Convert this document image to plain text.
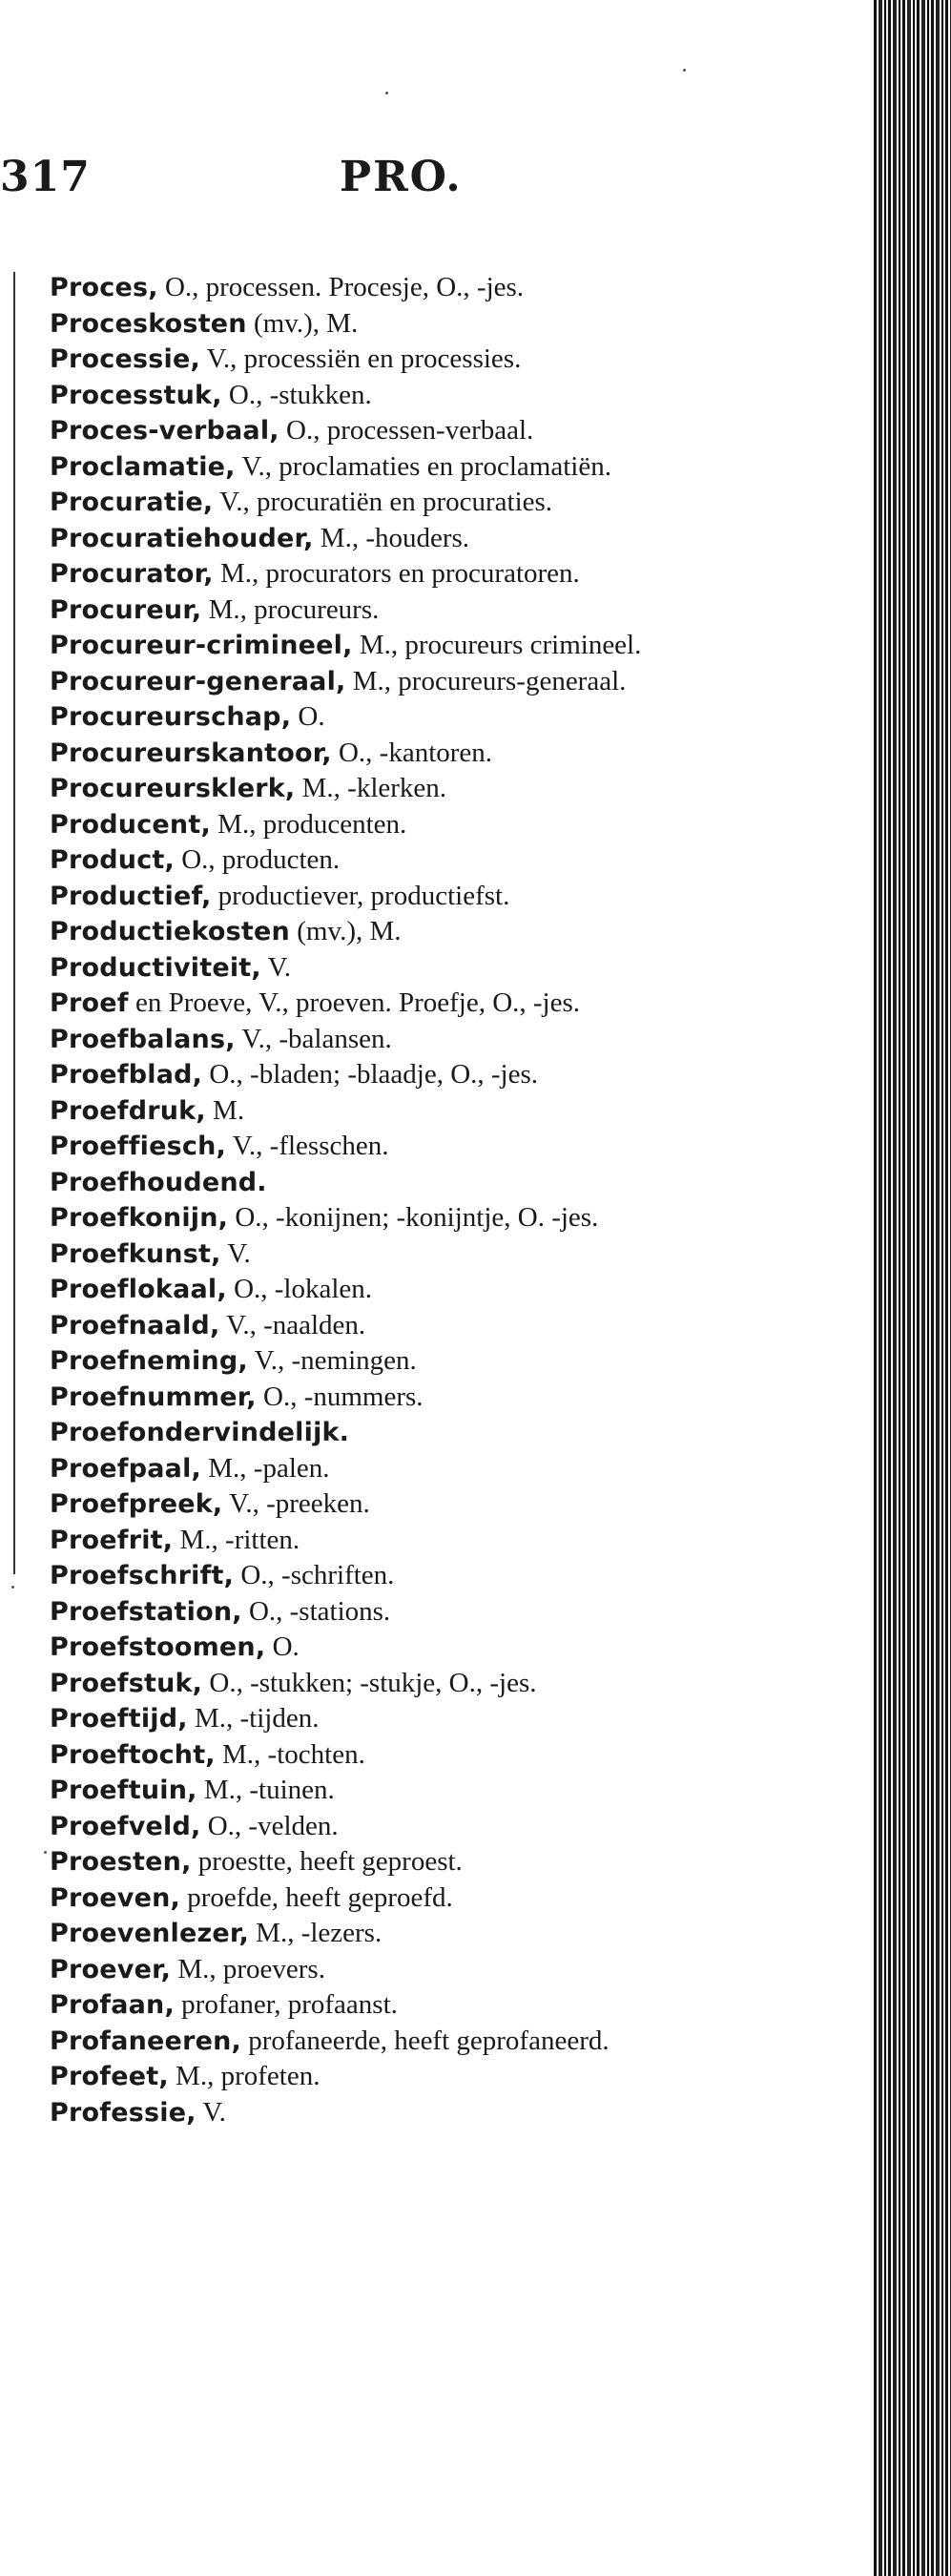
317	PRO.
Proces, O., processen. Procesje, O., -jes.
Proceskosten (mv.), M.
Processie, V., processiën en processies.
Processtuk, O., -stukken.
Proces-verbaal, O., processen-verbaal.
Proclamatie, V., proclamaties en proclamatiën.
Procuratie, V., procuratiën en procuraties.
Procuratiehouder, M., -houders.
Procurator, M., procurators en procuratoren.
Procureur, M., procureurs.
Procureur-crimineel, M., procureurs crimineel.
Procureur-generaal, M., procureurs-generaal.
Procureurschap, O.
Procureurskantoor, O., -kantoren.
Procureursklerk, M., -klerken.
Producent, M., producenten.
Product, O., producten.
Productief, productiever, productiefst.
Productiekosten (mv.), M.
Productiviteit, V.
Proef en Proeve, V., proeven. Proefje, O., -jes.
Proefbalans, V., -balansen.
Proefblad, O., -bladen; -blaadje, O., -jes.
Proefdruk, M.
Proeffiesch, V., -flesschen.
Proefhoudend.
Proefkonijn, O., -konijnen; -konijntje, O. -jes.
Proefkunst, V.
Proeflokaal, O., -lokalen.
Proefnaald, V., -naalden.
Proefneming, V., -nemingen.
Proefnummer, O., -nummers.
Proefondervindelijk.
Proefpaal, M., -palen.
Proefpreek, V., -preeken.
Proefrit, M., -ritten.
Proefschrift, O., -schriften.
Proefstation, O., -stations.
Proefstoomen, O.
Proefstuk, O., -stukken; -stukje, O., -jes.
Proeftijd, M., -tijden.
Proeftocht, M., -tochten.
Proeftuin, M., -tuinen.
Proefveld, O., -velden.
Proesten, proestte, heeft geproest.
Proeven, proefde, heeft geproefd.
Proevenlezer, M., -lezers.
Proever, M., proevers.
Profaan, profaner, profaanst.
Profaneeren, profaneerde, heeft geprofaneerd.
Profeet, M., profeten.
Professie, V.
